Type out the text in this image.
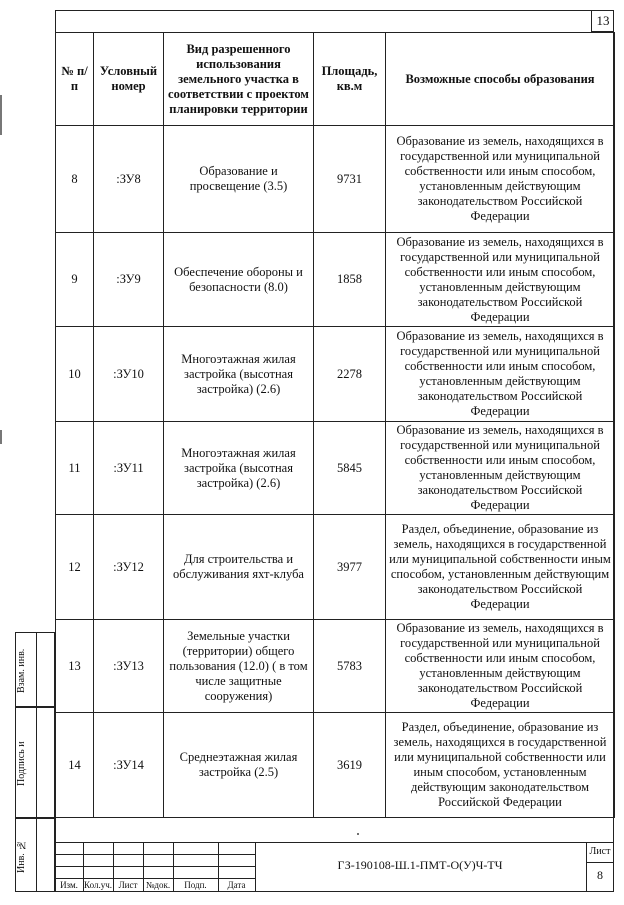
13
№ п/п	Условный номер	Вид разрешенного использования земельного участка в соответствии с проектом планировки территории	Площадь, кв.м	Возможные способы образования
8	:ЗУ8	Образование и просвещение (3.5)	9731	Образование из земель, находящихся в государственной или муниципальной собственности или иным способом, установленным действующим законодательством Российской Федерации
9	:ЗУ9	Обеспечение обороны и безопасности (8.0)	1858	Образование из земель, находящихся в государственной или муниципальной собственности или иным способом, установленным действующим законодательством Российской Федерации
10	:ЗУ10	Многоэтажная жилая застройка (высотная застройка) (2.6)	2278	Образование из земель, находящихся в государственной или муниципальной собственности или иным способом, установленным действующим законодательством Российской Федерации
11	:ЗУ11	Многоэтажная жилая застройка (высотная застройка) (2.6)	5845	Образование из земель, находящихся в государственной или муниципальной собственности или иным способом, установленным действующим законодательством Российской Федерации
12	:ЗУ12	Для строительства и обслуживания яхт-клуба	3977	Раздел, объединение, образование из земель, находящихся в государственной или муниципальной собственности иным способом, установленным действующим законодательством Российской Федерации
13	:ЗУ13	Земельные участки (территории) общего пользования (12.0) ( в том числе защитные сооружения)	5783	Образование из земель, находящихся в государственной или муниципальной собственности или иным способом, установленным действующим законодательством Российской Федерации
14	:ЗУ14	Среднеэтажная жилая застройка (2.5)	3619	Раздел, объединение, образование из земель, находящихся в государственной или муниципальной собственности или иным способом, установленным действующим законодательством Российской Федерации
Взам. инв.
Подпись и
Инв. №
Изм. Кол.уч. Лист №док.	Подп.	Дата
ГЗ-190108-Ш.1-ПМТ-О(У)Ч-ТЧ
Лист
8
